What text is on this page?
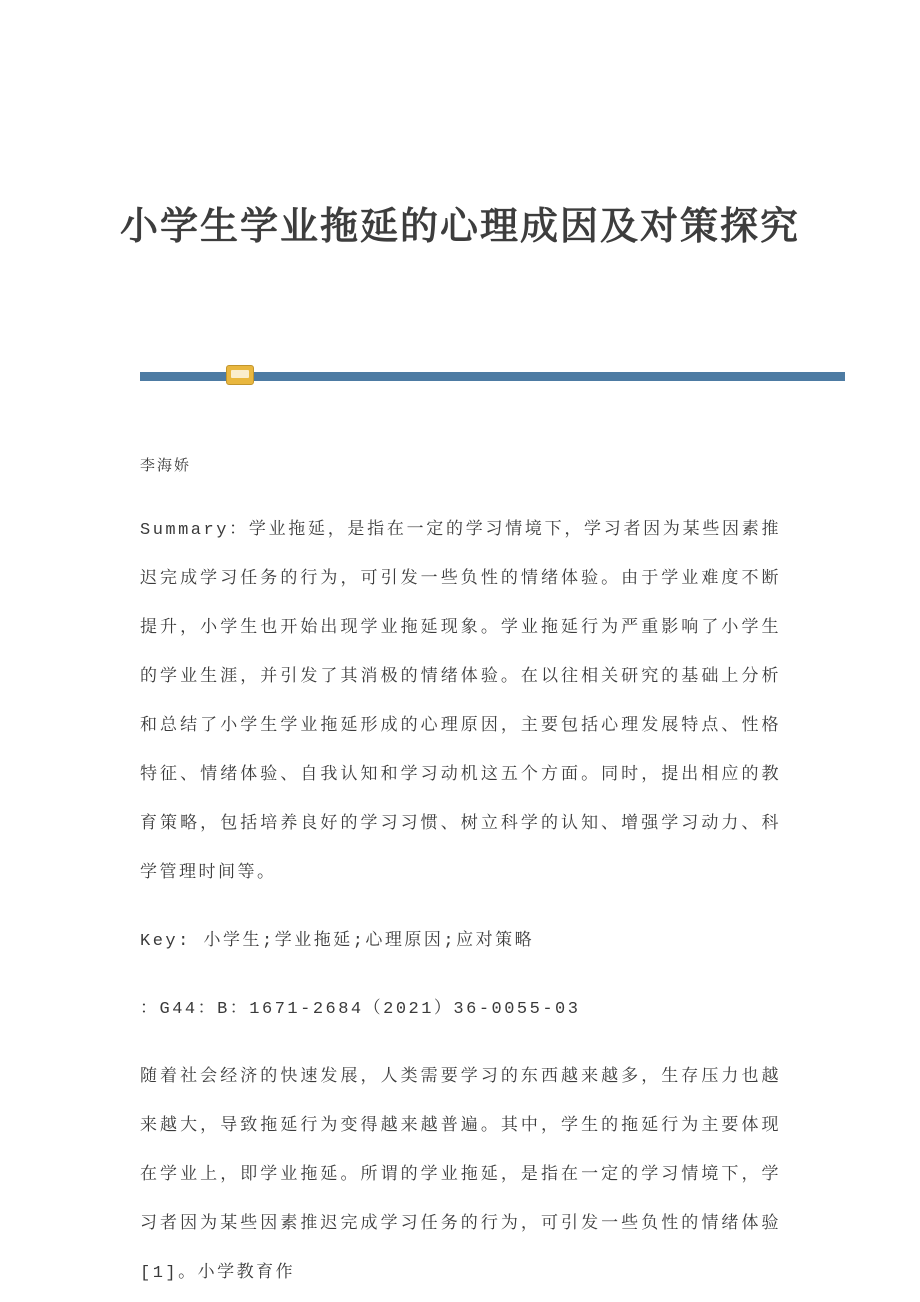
小学生学业拖延的心理成因及对策探究

李海娇

Summary：学业拖延，是指在一定的学习情境下，学习者因为某些因素推迟完成学习任务的行为，可引发一些负性的情绪体验。由于学业难度不断提升，小学生也开始出现学业拖延现象。学业拖延行为严重影响了小学生的学业生涯，并引发了其消极的情绪体验。在以往相关研究的基础上分析和总结了小学生学业拖延形成的心理原因，主要包括心理发展特点、性格特征、情绪体验、自我认知和学习动机这五个方面。同时，提出相应的教育策略，包括培养良好的学习习惯、树立科学的认知、增强学习动力、科学管理时间等。

Key: 小学生;学业拖延;心理原因;应对策略

：G44：B：1671-2684（2021）36-0055-03

随着社会经济的快速发展，人类需要学习的东西越来越多，生存压力也越来越大，导致拖延行为变得越来越普遍。其中，学生的拖延行为主要体现在学业上，即学业拖延。所谓的学业拖延，是指在一定的学习情境下，学习者因为某些因素推迟完成学习任务的行为，可引发一些负性的情绪体验[1]。小学教育作
